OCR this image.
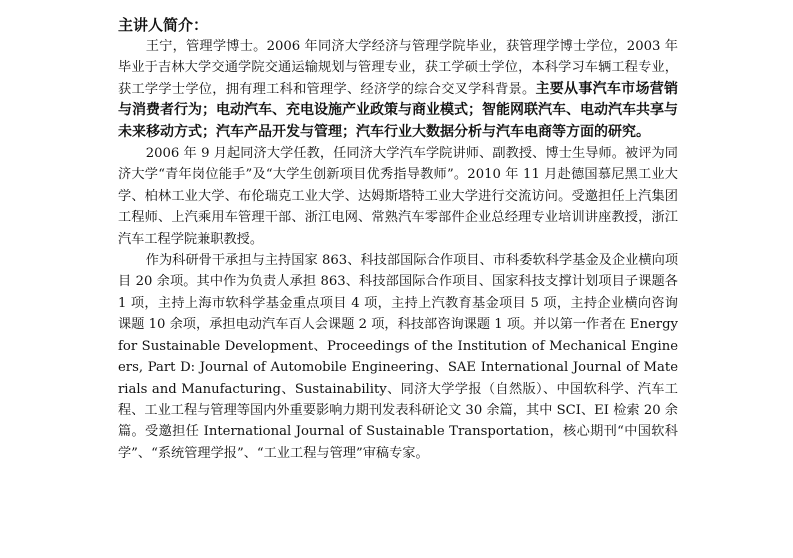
主讲人简介：

王宁，管理学博士。2006 年同济大学经济与管理学院毕业，获管理学博士学位，2003 年毕业于吉林大学交通学院交通运输规划与管理专业，获工学硕士学位，本科学习车辆工程专业，获工学学士学位，拥有理工科和管理学、经济学的综合交叉学科背景。主要从事汽车市场营销与消费者行为；电动汽车、充电设施产业政策与商业模式；智能网联汽车、电动汽车共享与未来移动方式；汽车产品开发与管理；汽车行业大数据分析与汽车电商等方面的研究。

2006 年 9 月起同济大学任教，任同济大学汽车学院讲师、副教授、博士生导师。被评为同济大学“青年岗位能手”及“大学生创新项目优秀指导教师”。2010 年 11 月赴德国慕尼黑工业大学、柏林工业大学、布伦瑞克工业大学、达姆斯塔特工业大学进行交流访问。受邀担任上汽集团工程师、上汽乘用车管理干部、浙江电网、常熟汽车零部件企业总经理专业培训讲座教授，浙江汽车工程学院兼职教授。

作为科研骨干承担与主持国家 863、科技部国际合作项目、市科委软科学基金及企业横向项目 20 余项。其中作为负责人承担 863、科技部国际合作项目、国家科技支撑计划项目子课题各 1 项，主持上海市软科学基金重点项目 4 项，主持上汽教育基金项目 5 项，主持企业横向咨询课题 10 余项，承担电动汽车百人会课题 2 项，科技部咨询课题 1 项。并以第一作者在 Energy for Sustainable Development、Proceedings of the Institution of Mechanical Engineers, Part D: Journal of Automobile Engineering、SAE International Journal of Materials and Manufacturing、Sustainability、同济大学学报（自然版）、中国软科学、汽车工程、工业工程与管理等国内外重要影响力期刊发表科研论文 30 余篇，其中 SCI、EI 检索 20 余篇。受邀担任 International Journal of Sustainable Transportation，核心期刊“中国软科学”、“系统管理学报”、“工业工程与管理”审稿专家。
